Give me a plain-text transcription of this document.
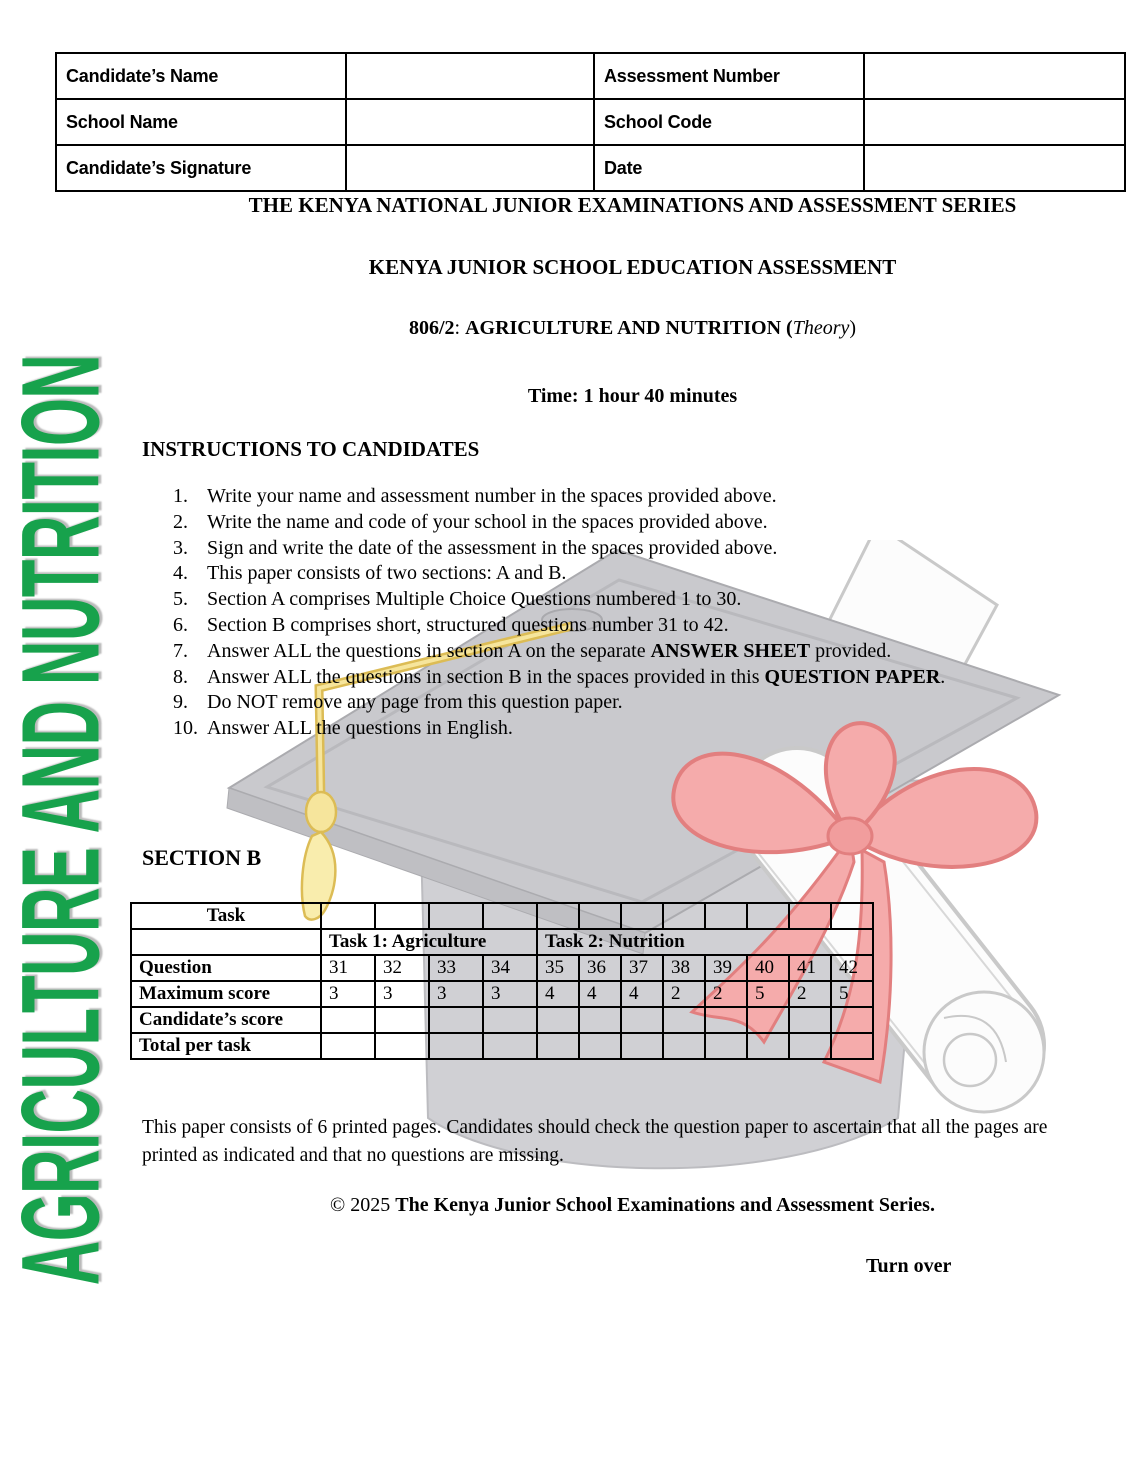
AGRICULTURE AND NUTRITION
Candidate’s Name		Assessment Number	
School Name		School Code	
Candidate’s Signature		Date	
THE KENYA NATIONAL JUNIOR EXAMINATIONS AND ASSESSMENT SERIES
KENYA JUNIOR SCHOOL EDUCATION ASSESSMENT
806/2: AGRICULTURE AND NUTRITION (Theory)
Time: 1 hour 40 minutes
INSTRUCTIONS TO CANDIDATES
1. Write your name and assessment number in the spaces provided above.
2. Write the name and code of your school in the spaces provided above.
3. Sign and write the date of the assessment in the spaces provided above.
4. This paper consists of two sections: A and B.
5. Section A comprises Multiple Choice Questions numbered 1 to 30.
6. Section B comprises short, structured questions number 31 to 42.
7. Answer ALL the questions in section A on the separate ANSWER SHEET provided.
8. Answer ALL the questions in section B in the spaces provided in this QUESTION PAPER.
9. Do NOT remove any page from this question paper.
10. Answer ALL the questions in English.
SECTION B
Task												
	Task 1: Agriculture				Task 2: Nutrition							
Question	31	32	33	34	35	36	37	38	39	40	41	42
Maximum score	3	3	3	3	4	4	4	2	2	5	2	5
Candidate’s score												
Total per task												
This paper consists of 6 printed pages. Candidates should check the question paper to ascertain that all the pages are printed as indicated and that no questions are missing.
© 2025 The Kenya Junior School Examinations and Assessment Series.
Turn over
